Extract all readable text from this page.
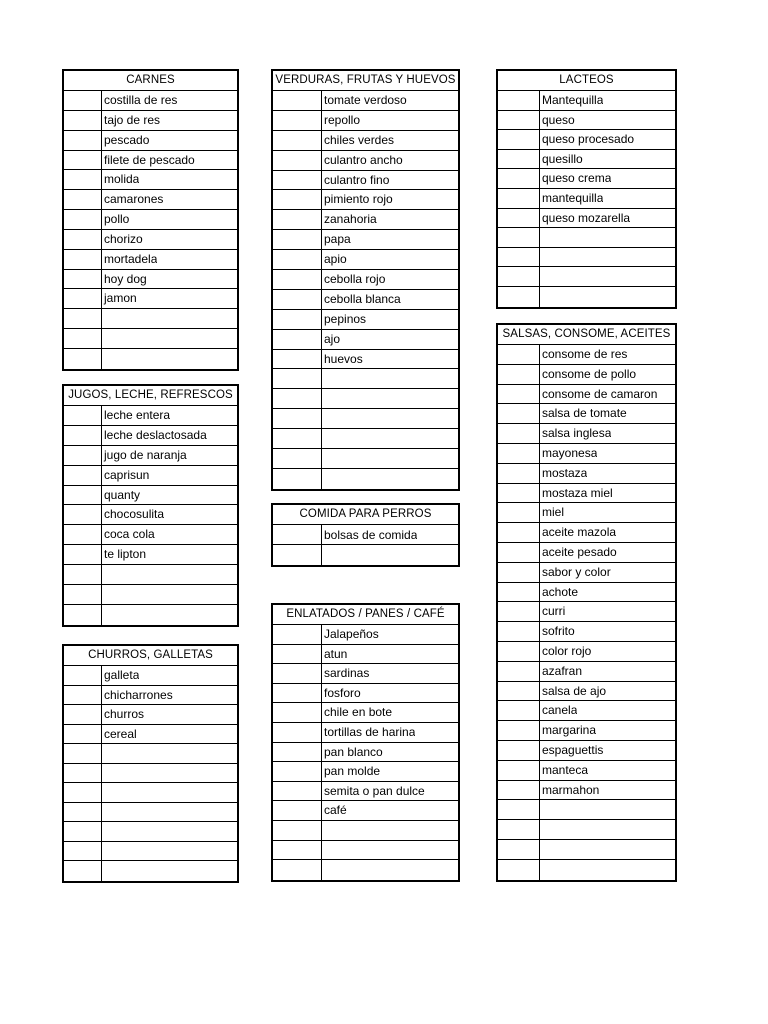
CARNES
costilla de res
tajo de res
pescado
filete de pescado
molida
camarones
pollo
chorizo
mortadela
hoy dog
jamon
JUGOS, LECHE, REFRESCOS
leche entera
leche deslactosada
jugo de naranja
caprisun
quanty
chocosulita
coca cola
te lipton
CHURROS, GALLETAS
galleta
chicharrones
churros
cereal
VERDURAS, FRUTAS Y HUEVOS
tomate verdoso
repollo
chiles verdes
culantro ancho
culantro fino
pimiento rojo
zanahoria
papa
apio
cebolla rojo
cebolla blanca
pepinos
ajo
huevos
COMIDA PARA PERROS
bolsas de comida
ENLATADOS / PANES / CAFÉ
Jalapeños
atun
sardinas
fosforo
chile en bote
tortillas de harina
pan blanco
pan molde
semita o pan dulce
café
LACTEOS
Mantequilla
queso
queso procesado
quesillo
queso crema
mantequilla
queso mozarella
SALSAS, CONSOME, ACEITES
consome de res
consome de pollo
consome de camaron
salsa de tomate
salsa inglesa
mayonesa
mostaza
mostaza miel
miel
aceite mazola
aceite pesado
sabor y color
achote
curri
sofrito
color rojo
azafran
salsa de ajo
canela
margarina
espaguettis
manteca
marmahon
